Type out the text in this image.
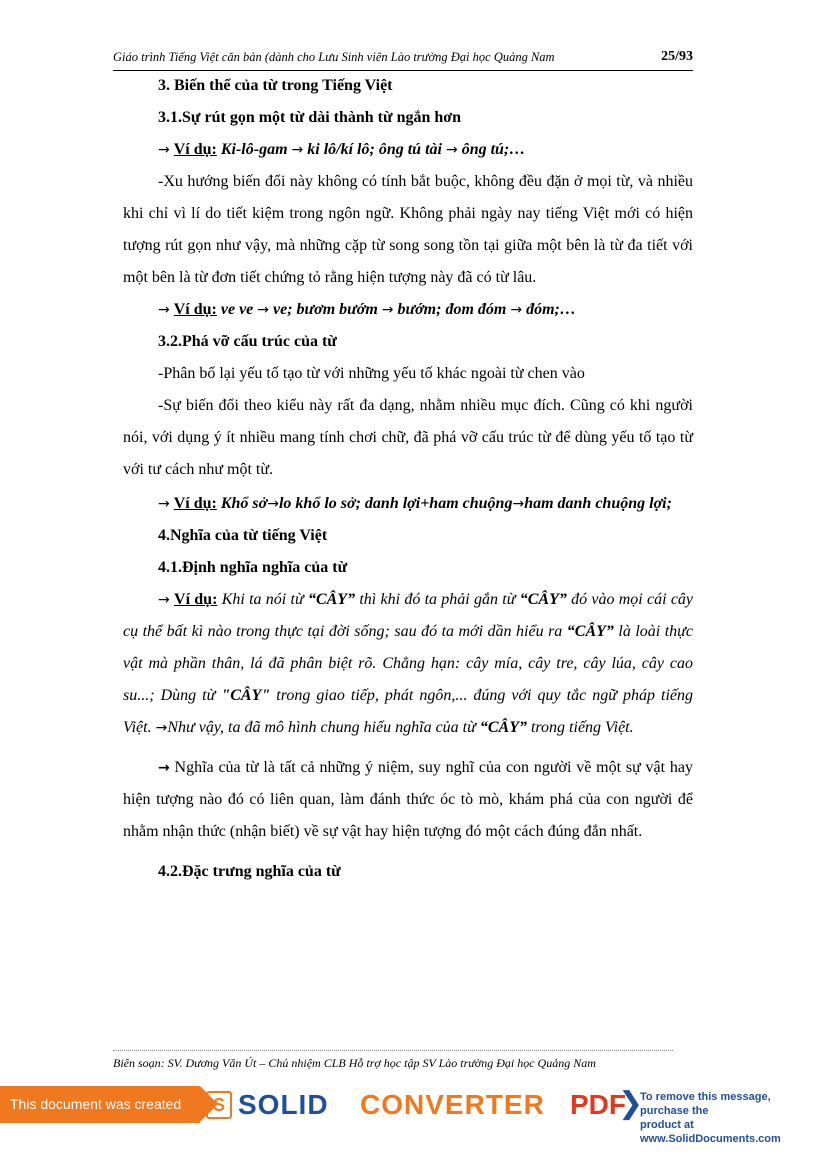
Giáo trình Tiếng Việt căn bản (dành cho Lưu Sinh viên Lào trường Đại học Quảng Nam	25/93

3. Biến thể của từ trong Tiếng Việt

3.1.Sự rút gọn một từ dài thành từ ngắn hơn

→ Ví dụ: Ki-lô-gam → ki lô/kí lô; ông tú tài → ông tú;…

-Xu hướng biến đổi này không có tính bắt buộc, không đều đặn ở mọi từ, và nhiều khi chỉ vì lí do tiết kiệm trong ngôn ngữ. Không phải ngày nay tiếng Việt mới có hiện tượng rút gọn như vậy, mà những cặp từ song song tồn tại giữa một bên là từ đa tiết với một bên là từ đơn tiết chứng tỏ rằng hiện tượng này đã có từ lâu.

→ Ví dụ: ve ve → ve; bươm bướm → bướm; đom đóm → đóm;…

3.2.Phá vỡ cấu trúc của từ

-Phân bố lại yếu tố tạo từ với những yếu tố khác ngoài từ chen vào

-Sự biến đổi theo kiểu này rất đa dạng, nhằm nhiều mục đích. Cũng có khi người nói, với dụng ý ít nhiều mang tính chơi chữ, đã phá vỡ cấu trúc từ để dùng yếu tố tạo từ với tư cách như một từ.

→ Ví dụ: Khổ sở→lo khổ lo sở; danh lợi+ham chuộng→ham danh chuộng lợi;

4.Nghĩa của từ tiếng Việt

4.1.Định nghĩa nghĩa của từ

→ Ví dụ: Khi ta nói từ “CÂY” thì khi đó ta phải gắn từ “CÂY” đó vào mọi cái cây cụ thể bất kì nào trong thực tại đời sống; sau đó ta mới dần hiểu ra “CÂY” là loài thực vật mà phần thân, lá đã phân biệt rõ. Chẳng hạn: cây mía, cây tre, cây lúa, cây cao su...; Dùng từ "CÂY" trong giao tiếp, phát ngôn,... đúng với quy tắc ngữ pháp tiếng Việt. →Như vậy, ta đã mô hình chung hiểu nghĩa của từ “CÂY” trong tiếng Việt.

→ Nghĩa của từ là tất cả những ý niệm, suy nghĩ của con người về một sự vật hay hiện tượng nào đó có liên quan, làm đánh thức óc tò mò, khám phá của con người để nhằm nhận thức (nhận biết) về sự vật hay hiện tượng đó một cách đúng đắn nhất.

4.2.Đặc trưng nghĩa của từ

Biên soạn: SV. Dương Văn Út – Chủ nhiệm CLB Hỗ trợ học tập SV Lào trường Đại học Quảng Nam
This document was created using
S SOLID CONVERTER PDF
❯
To remove this message, purchase the
product at www.SolidDocuments.com
